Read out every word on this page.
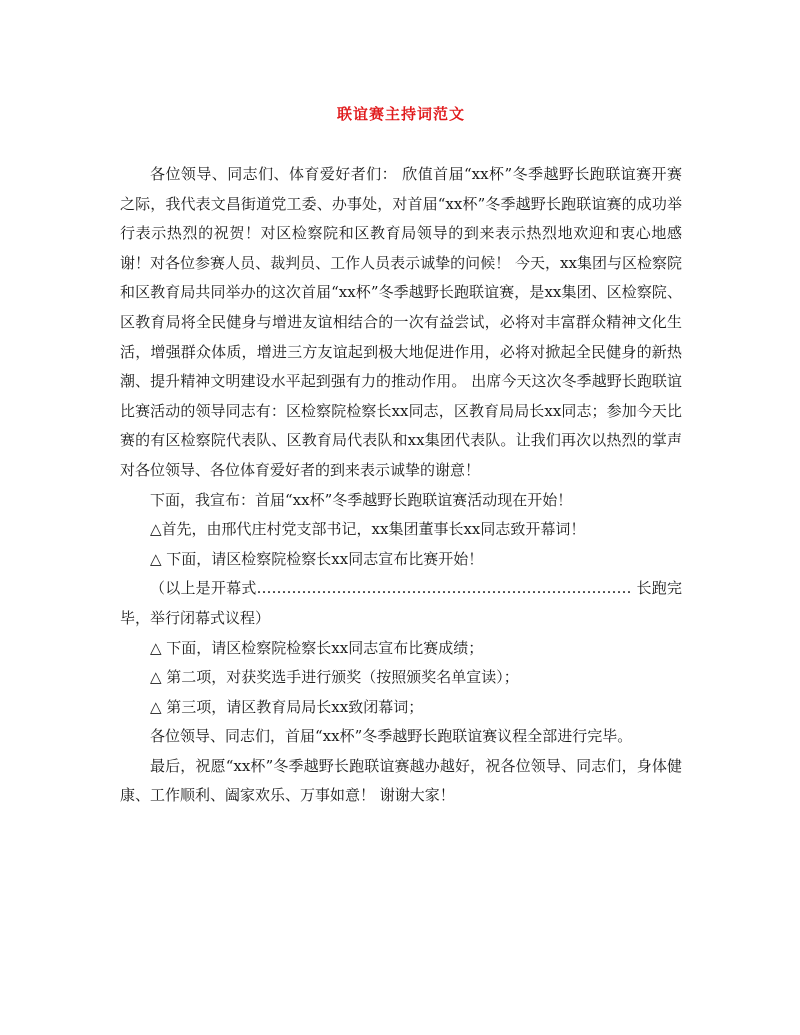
联谊赛主持词范文

各位领导、同志们、体育爱好者们： 欣值首届“xx杯”冬季越野长跑联谊赛开赛之际，我代表文昌街道党工委、办事处，对首届“xx杯”冬季越野长跑联谊赛的成功举行表示热烈的祝贺！对区检察院和区教育局领导的到来表示热烈地欢迎和衷心地感谢！对各位参赛人员、裁判员、工作人员表示诚挚的问候！ 今天，xx集团与区检察院和区教育局共同举办的这次首届“xx杯”冬季越野长跑联谊赛，是xx集团、区检察院、区教育局将全民健身与增进友谊相结合的一次有益尝试，必将对丰富群众精神文化生活，增强群众体质，增进三方友谊起到极大地促进作用，必将对掀起全民健身的新热潮、提升精神文明建设水平起到强有力的推动作用。 出席今天这次冬季越野长跑联谊比赛活动的领导同志有：区检察院检察长xx同志，区教育局局长xx同志；参加今天比赛的有区检察院代表队、区教育局代表队和xx集团代表队。让我们再次以热烈的掌声对各位领导、各位体育爱好者的到来表示诚挚的谢意！

下面，我宣布：首届“xx杯”冬季越野长跑联谊赛活动现在开始！

△首先，由邢代庄村党支部书记，xx集团董事长xx同志致开幕词！

△ 下面，请区检察院检察长xx同志宣布比赛开始！

（以上是开幕式………………………………………………………………… 长跑完毕，举行闭幕式议程）

△ 下面，请区检察院检察长xx同志宣布比赛成绩；

△ 第二项，对获奖选手进行颁奖（按照颁奖名单宣读）；

△ 第三项，请区教育局局长xx致闭幕词；

各位领导、同志们，首届“xx杯”冬季越野长跑联谊赛议程全部进行完毕。

最后，祝愿“xx杯”冬季越野长跑联谊赛越办越好，祝各位领导、同志们，身体健康、工作顺利、阖家欢乐、万事如意！ 谢谢大家！
